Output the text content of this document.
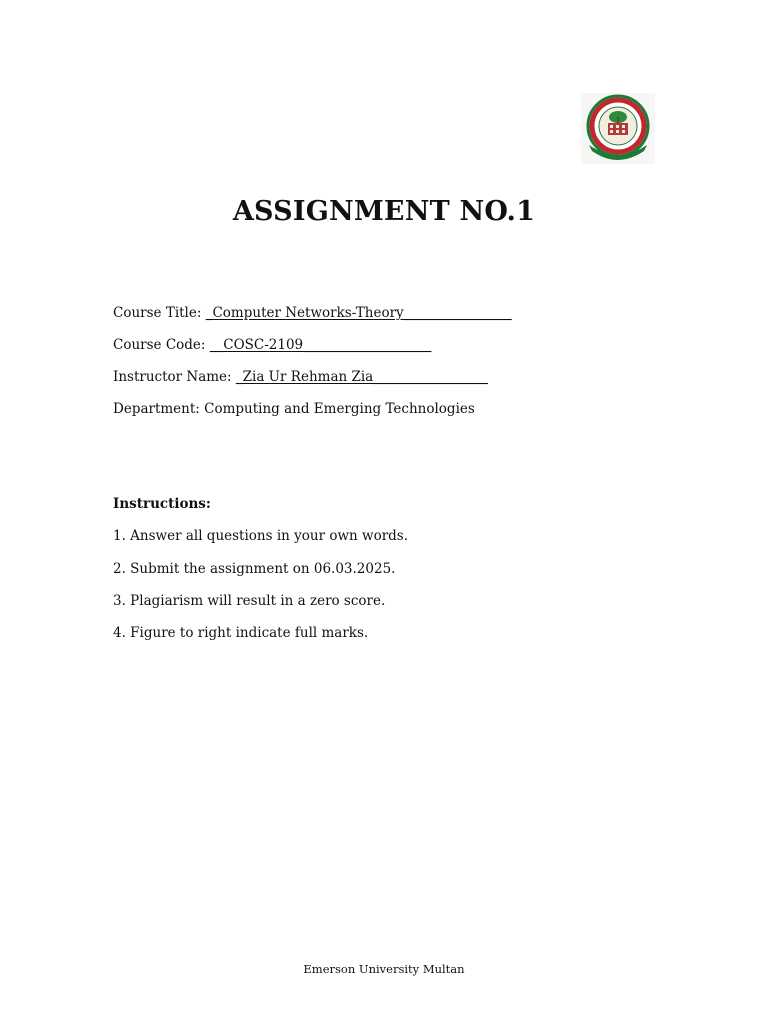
ASSIGNMENT NO.1
Course Title: _Computer Networks-Theory________________
Course Code: __COSC-2109___________________
Instructor Name: _Zia Ur Rehman Zia_________________
Department: Computing and Emerging Technologies

Instructions:

1. Answer all questions in your own words.
2. Submit the assignment on 06.03.2025.
3. Plagiarism will result in a zero score.
4. Figure to right indicate full marks.
Emerson University Multan
